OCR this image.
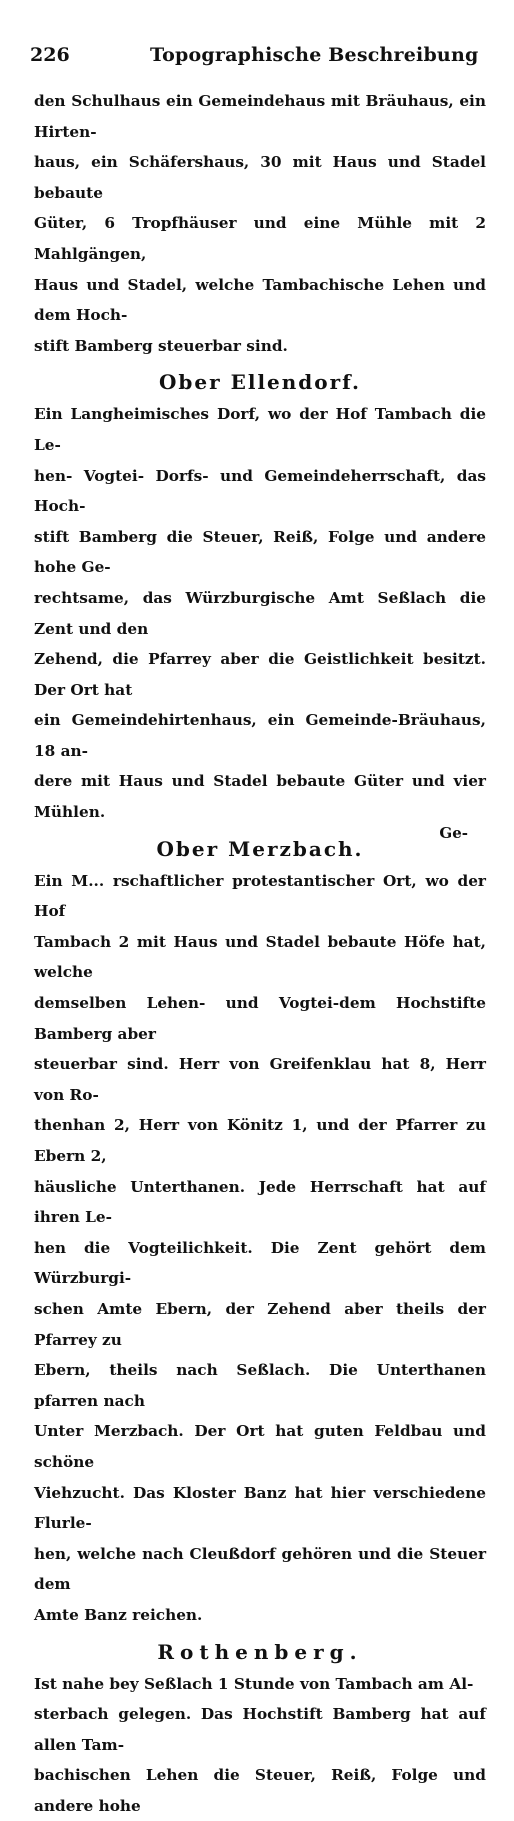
226	Topographische Beschreibung

den Schulhaus ein Gemeindehaus mit Bräuhaus, ein Hirten-
haus, ein Schäfershaus, 30 mit Haus und Stadel bebaute
Güter, 6 Tropfhäuser und eine Mühle mit 2 Mahlgängen,
Haus und Stadel, welche Tambachische Lehen und dem Hoch-
stift Bamberg steuerbar sind.

Ober Ellendorf.

Ein Langheimisches Dorf, wo der Hof Tambach die Le-
hen- Vogtei- Dorfs- und Gemeindeherrschaft, das Hoch-
stift Bamberg die Steuer, Reiß, Folge und andere hohe Ge-
rechtsame, das Würzburgische Amt Seßlach die Zent und den
Zehend, die Pfarrey aber die Geistlichkeit besitzt. Der Ort hat
ein Gemeindehirtenhaus, ein Gemeinde-Bräuhaus, 18 an-
dere mit Haus und Stadel bebaute Güter und vier Mühlen.

Ober Merzbach.

Ein M... rschaftlicher protestantischer Ort, wo der Hof
Tambach 2 mit Haus und Stadel bebaute Höfe hat, welche
demselben Lehen- und Vogtei-dem Hochstifte Bamberg aber
steuerbar sind. Herr von Greifenklau hat 8, Herr von Ro-
thenhan 2, Herr von Könitz 1, und der Pfarrer zu Ebern 2,
häusliche Unterthanen. Jede Herrschaft hat auf ihren Le-
hen die Vogteilichkeit. Die Zent gehört dem Würzburgi-
schen Amte Ebern, der Zehend aber theils der Pfarrey zu
Ebern, theils nach Seßlach. Die Unterthanen pfarren nach
Unter Merzbach. Der Ort hat guten Feldbau und schöne
Viehzucht. Das Kloster Banz hat hier verschiedene Flurle-
hen, welche nach Cleußdorf gehören und die Steuer dem
Amte Banz reichen.

Rothenberg.

Ist nahe bey Seßlach 1 Stunde von Tambach am Al-
sterbach gelegen. Das Hochstift Bamberg hat auf allen Tam-
bachischen Lehen die Steuer, Reiß, Folge und andere hohe

Ge-
